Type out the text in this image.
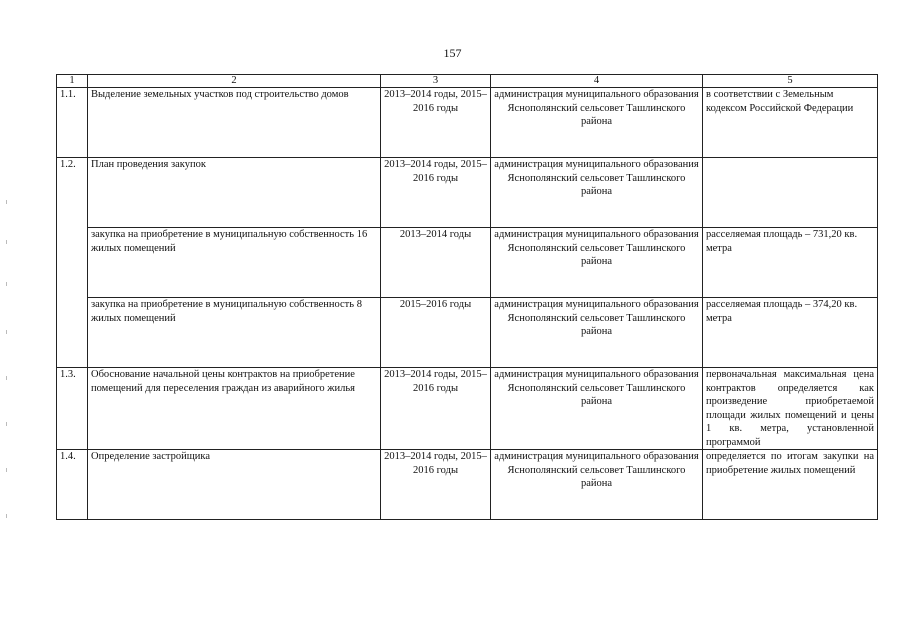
157
1	2	3	4	5
1.1.	Выделение земельных участков под строительство домов	2013–2014 годы, 2015–2016 годы	администрация муниципального образования Яснополянский сельсовет Ташлинского района	в соответствии с Земельным кодексом Российской Федерации
1.2.	План проведения закупок	2013–2014 годы, 2015–2016 годы	администрация муниципального образования Яснополянский сельсовет Ташлинского района	
	закупка на приобретение в муниципальную собственность 16 жилых помещений	2013–2014 годы	администрация муниципального образования Яснополянский сельсовет Ташлинского района	расселяемая площадь – 731,20 кв. метра
	закупка на приобретение в муниципальную собственность 8 жилых помещений	2015–2016 годы	администрация муниципального образования Яснополянский сельсовет Ташлинского района	расселяемая площадь – 374,20 кв. метра
1.3.	Обоснование начальной цены контрактов на приобретение помещений для переселения граждан из аварийного жилья	2013–2014 годы, 2015–2016 годы	администрация муниципального образования Яснополянский сельсовет Ташлинского района	первоначальная максимальная цена контрактов определяется как произведение приобретаемой площади жилых помещений и цены 1 кв. метра, установленной программой
1.4.	Определение застройщика	2013–2014 годы, 2015–2016 годы	администрация муниципального образования Яснополянский сельсовет Ташлинского района	определяется по итогам закупки на приобретение жилых помещений
